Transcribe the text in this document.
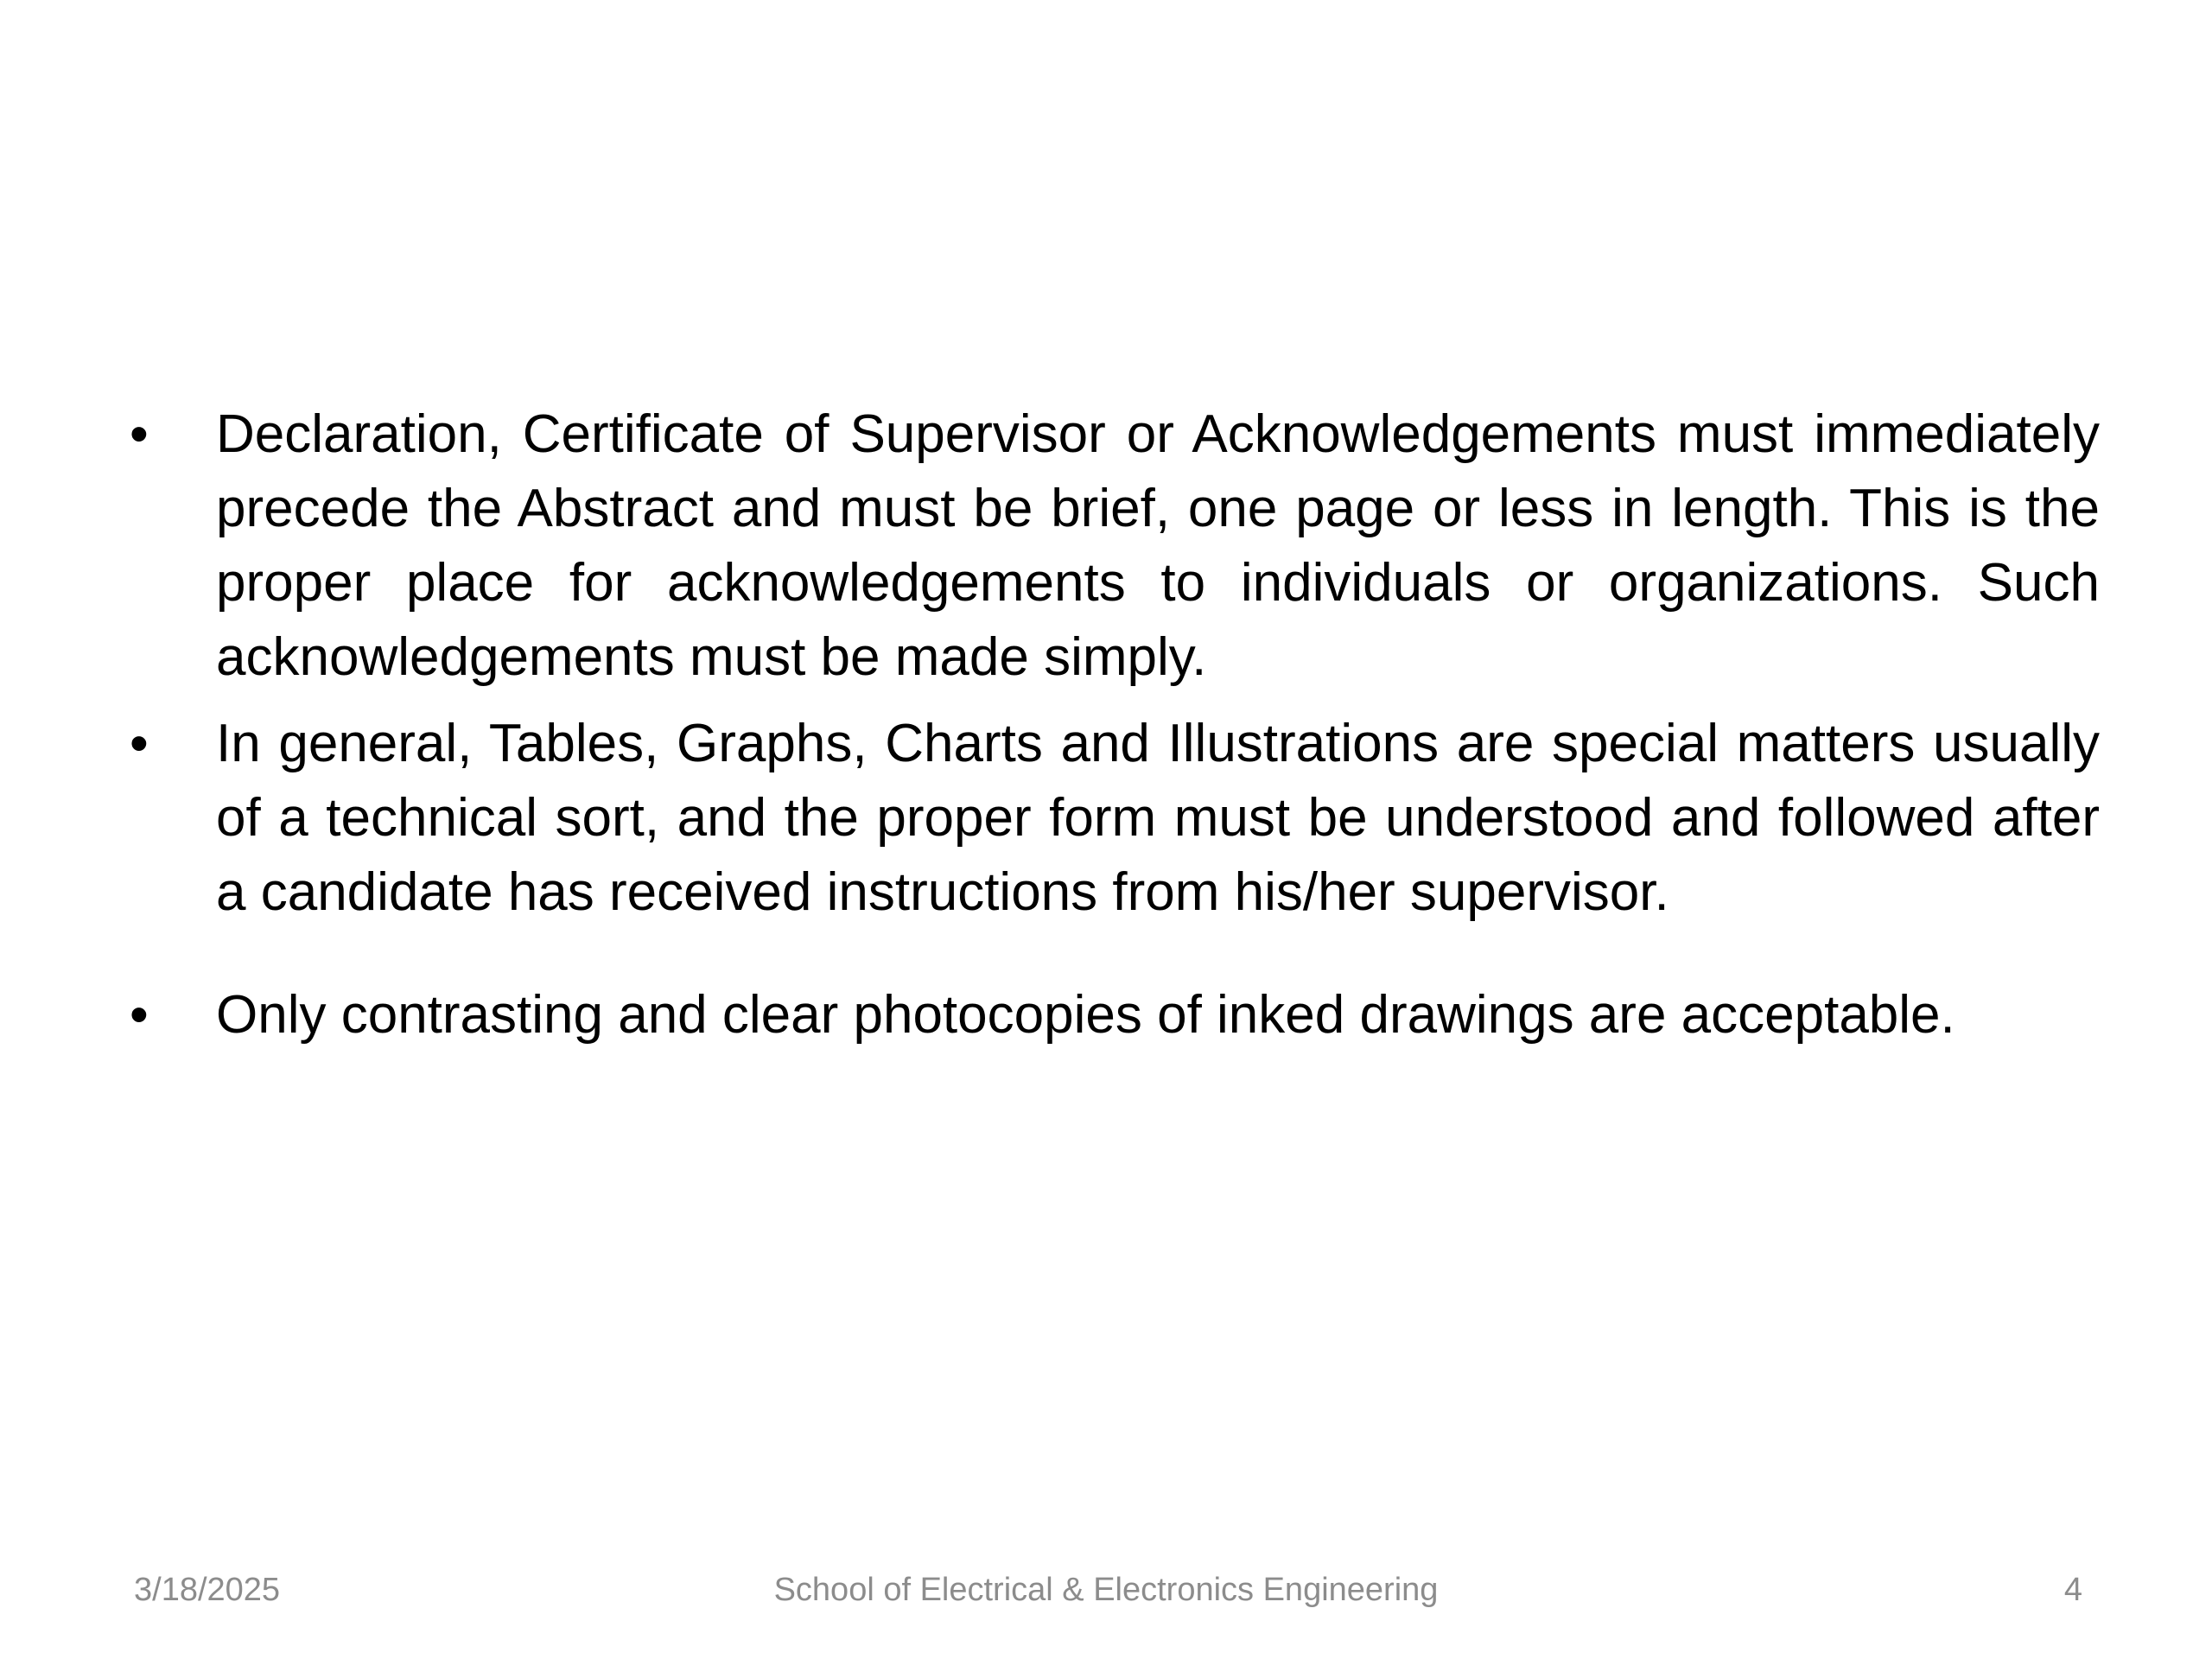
• Declaration, Certificate of Supervisor or Acknowledgements must immediately precede the Abstract and must be brief, one page or less in length. This is the proper place for acknowledgements to individuals or organizations. Such acknowledgements must be made simply.
• In general, Tables, Graphs, Charts and Illustrations are special matters usually of a technical sort, and the proper form must be understood and followed after a candidate has received instructions from his/her supervisor.
• Only contrasting and clear photocopies of inked drawings are acceptable.
3/18/2025	School of Electrical & Electronics Engineering	4
